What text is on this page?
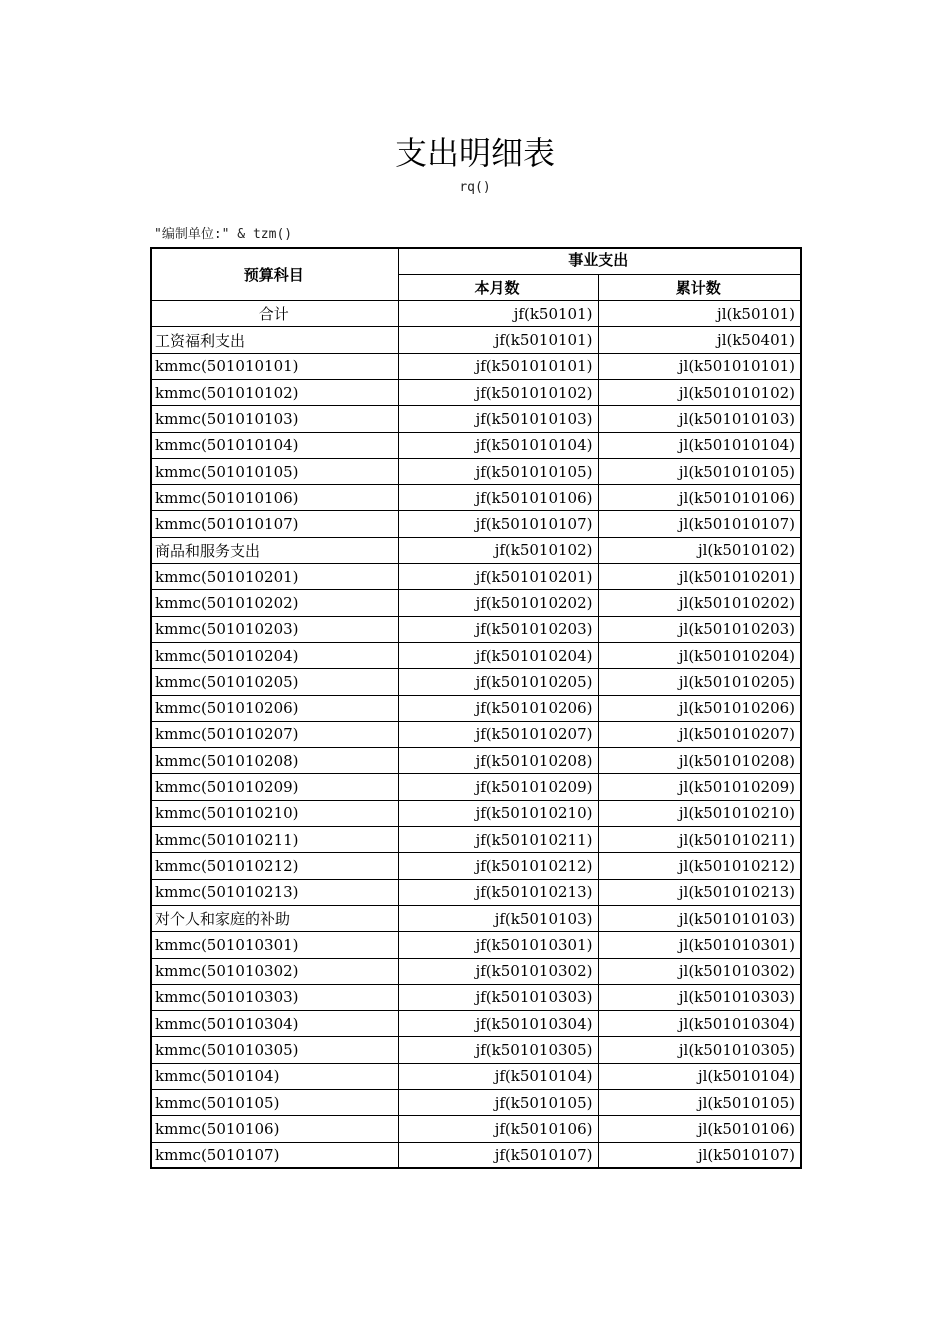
支出明细表
rq()
"编制单位:" & tzm()
预算科目	事业支出	
	本月数	累计数
合计	jf(k50101)	jl(k50101)
工资福利支出	jf(k5010101)	jl(k50401)
kmmc(501010101)	jf(k501010101)	jl(k501010101)
kmmc(501010102)	jf(k501010102)	jl(k501010102)
kmmc(501010103)	jf(k501010103)	jl(k501010103)
kmmc(501010104)	jf(k501010104)	jl(k501010104)
kmmc(501010105)	jf(k501010105)	jl(k501010105)
kmmc(501010106)	jf(k501010106)	jl(k501010106)
kmmc(501010107)	jf(k501010107)	jl(k501010107)
商品和服务支出	jf(k5010102)	jl(k5010102)
kmmc(501010201)	jf(k501010201)	jl(k501010201)
kmmc(501010202)	jf(k501010202)	jl(k501010202)
kmmc(501010203)	jf(k501010203)	jl(k501010203)
kmmc(501010204)	jf(k501010204)	jl(k501010204)
kmmc(501010205)	jf(k501010205)	jl(k501010205)
kmmc(501010206)	jf(k501010206)	jl(k501010206)
kmmc(501010207)	jf(k501010207)	jl(k501010207)
kmmc(501010208)	jf(k501010208)	jl(k501010208)
kmmc(501010209)	jf(k501010209)	jl(k501010209)
kmmc(501010210)	jf(k501010210)	jl(k501010210)
kmmc(501010211)	jf(k501010211)	jl(k501010211)
kmmc(501010212)	jf(k501010212)	jl(k501010212)
kmmc(501010213)	jf(k501010213)	jl(k501010213)
对个人和家庭的补助	jf(k5010103)	jl(k501010103)
kmmc(501010301)	jf(k501010301)	jl(k501010301)
kmmc(501010302)	jf(k501010302)	jl(k501010302)
kmmc(501010303)	jf(k501010303)	jl(k501010303)
kmmc(501010304)	jf(k501010304)	jl(k501010304)
kmmc(501010305)	jf(k501010305)	jl(k501010305)
kmmc(5010104)	jf(k5010104)	jl(k5010104)
kmmc(5010105)	jf(k5010105)	jl(k5010105)
kmmc(5010106)	jf(k5010106)	jl(k5010106)
kmmc(5010107)	jf(k5010107)	jl(k5010107)
